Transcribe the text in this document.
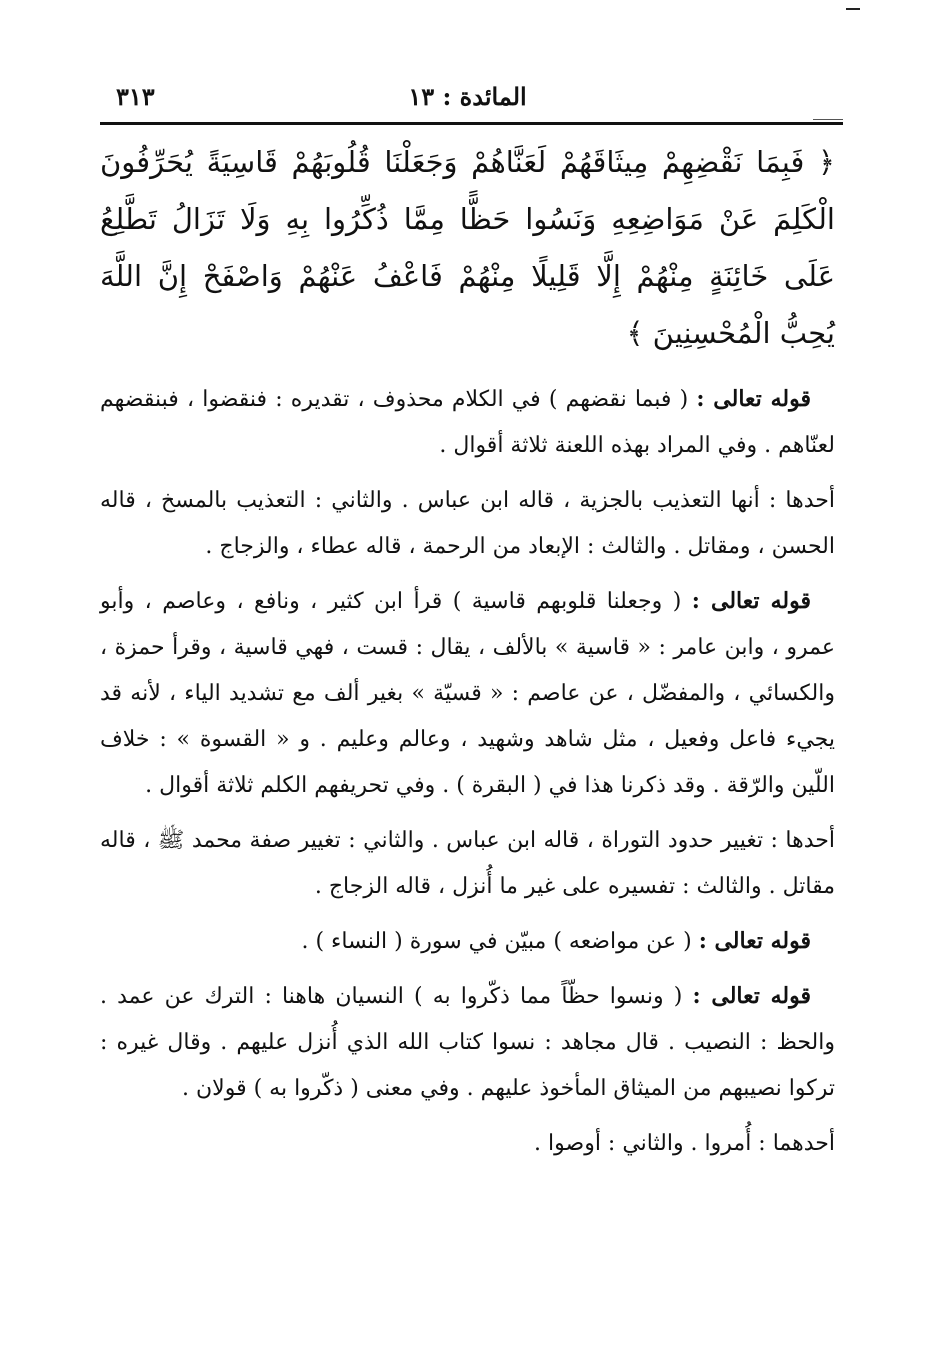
المائدة : ١٣
٣١٣

﴿ فَبِمَا نَقْضِهِمْ مِيثَاقَهُمْ لَعَنَّاهُمْ وَجَعَلْنَا قُلُوبَهُمْ قَاسِيَةً يُحَرِّفُونَ الْكَلِمَ عَنْ مَوَاضِعِهِ وَنَسُوا حَظًّا مِمَّا ذُكِّرُوا بِهِ وَلَا تَزَالُ تَطَّلِعُ عَلَى خَائِنَةٍ مِنْهُمْ إِلَّا قَلِيلًا مِنْهُمْ فَاعْفُ عَنْهُمْ وَاصْفَحْ إِنَّ اللَّهَ يُحِبُّ الْمُحْسِنِينَ ﴾

قوله تعالى : ( فبما نقضهم ) في الكلام محذوف ، تقديره : فنقضوا ، فبنقضهم لعنّاهم . وفي المراد بهذه اللعنة ثلاثة أقوال .

أحدها : أنها التعذيب بالجزية ، قاله ابن عباس . والثاني : التعذيب بالمسخ ، قاله الحسن ، ومقاتل . والثالث : الإبعاد من الرحمة ، قاله عطاء ، والزجاج .

قوله تعالى : ( وجعلنا قلوبهم قاسية ) قرأ ابن كثير ، ونافع ، وعاصم ، وأبو عمرو ، وابن عامر : « قاسية » بالألف ، يقال : قست ، فهي قاسية ، وقرأ حمزة ، والكسائي ، والمفضّل ، عن عاصم : « قسيّة » بغير ألف مع تشديد الياء ، لأنه قد يجيء فاعل وفعيل ، مثل شاهد وشهيد ، وعالم وعليم . و « القسوة » : خلاف اللّين والرّقة . وقد ذكرنا هذا في ( البقرة ) . وفي تحريفهم الكلم ثلاثة أقوال .

أحدها : تغيير حدود التوراة ، قاله ابن عباس . والثاني : تغيير صفة محمد ﷺ ، قاله مقاتل . والثالث : تفسيره على غير ما أُنزل ، قاله الزجاج .

قوله تعالى : ( عن مواضعه ) مبيّن في سورة ( النساء ) .

قوله تعالى : ( ونسوا حظّاً مما ذكّروا به ) النسيان هاهنا : الترك عن عمد . والحظ : النصيب . قال مجاهد : نسوا كتاب الله الذي أُنزل عليهم . وقال غيره : تركوا نصيبهم من الميثاق المأخوذ عليهم . وفي معنى ( ذكّروا به ) قولان .

أحدهما : أُمروا . والثاني : أوصوا .
